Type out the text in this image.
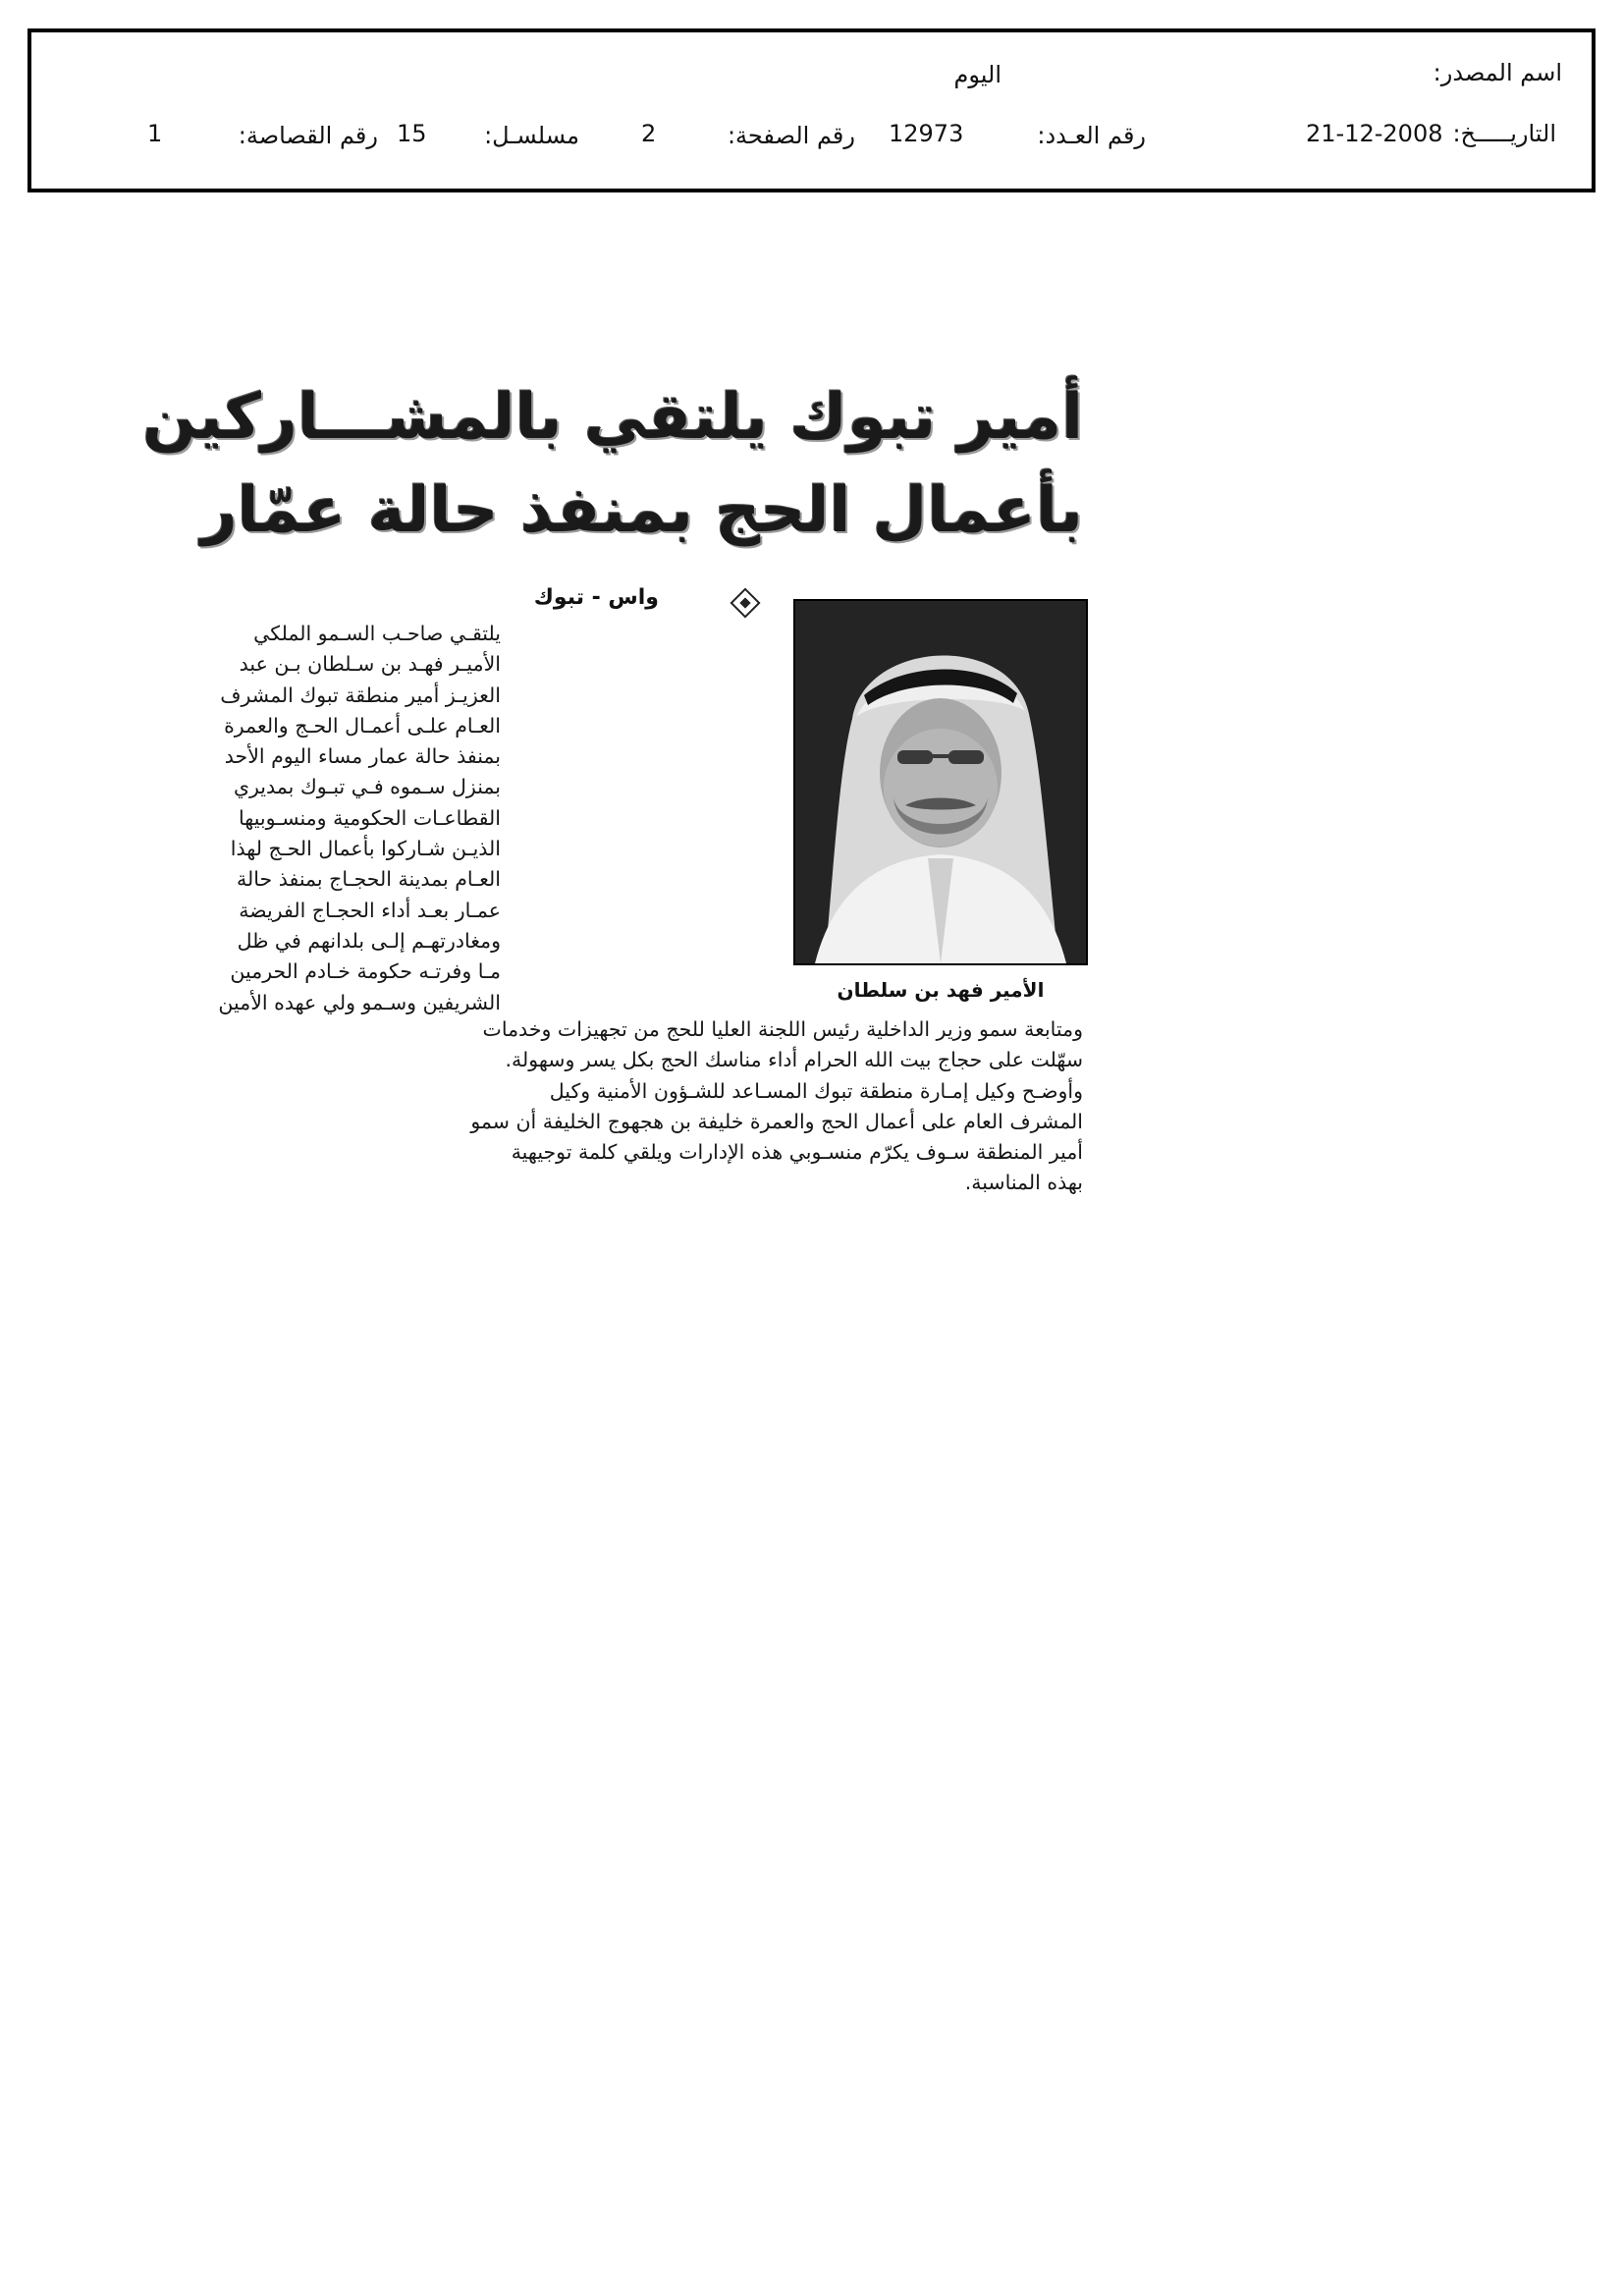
اسم المصدر:
اليوم
التاريـــــخ:
21-12-2008
رقم العـدد:
12973
رقم الصفحة:
2
مسلسـل:
15
رقم القصاصة:
1
أمير تبوك يلتقي بالمشـــاركين
بأعمال الحج بمنفذ حالة عمّار
واس - تبوك
الأمير فهد بن سلطان
يلتقـي صاحـب السـمو الملكي
الأميـر فهـد بن سـلطان بـن عبد
العزيـز أمير منطقة تبوك المشرف
العـام علـى أعمـال الحـج والعمرة
بمنفذ حالة عمار مساء اليوم الأحد
بمنزل سـموه فـي تبـوك بمديري
القطاعـات الحكومية ومنسـوبيها
الذيـن شـاركوا بأعمال الحـج لهذا
العـام بمدينة الحجـاج بمنفذ حالة
عمـار بعـد أداء الحجـاج الفريضة
ومغادرتهـم إلـى بلدانهم في ظل
مـا وفرتـه حكومة خـادم الحرمين
الشريفين وسـمو ولي عهده الأمين
ومتابعة سمو وزير الداخلية رئيس اللجنة العليا للحج من تجهيزات وخدمات
سهّلت على حجاج بيت الله الحرام أداء مناسك الحج بكل يسر وسهولة.
وأوضـح وكيل إمـارة منطقة تبوك المسـاعد للشـؤون الأمنية وكيل
المشرف العام على أعمال الحج والعمرة خليفة بن هجهوج الخليفة أن سمو
أمير المنطقة سـوف يكرّم منسـوبي هذه الإدارات ويلقي كلمة توجيهية
بهذه المناسبة.
